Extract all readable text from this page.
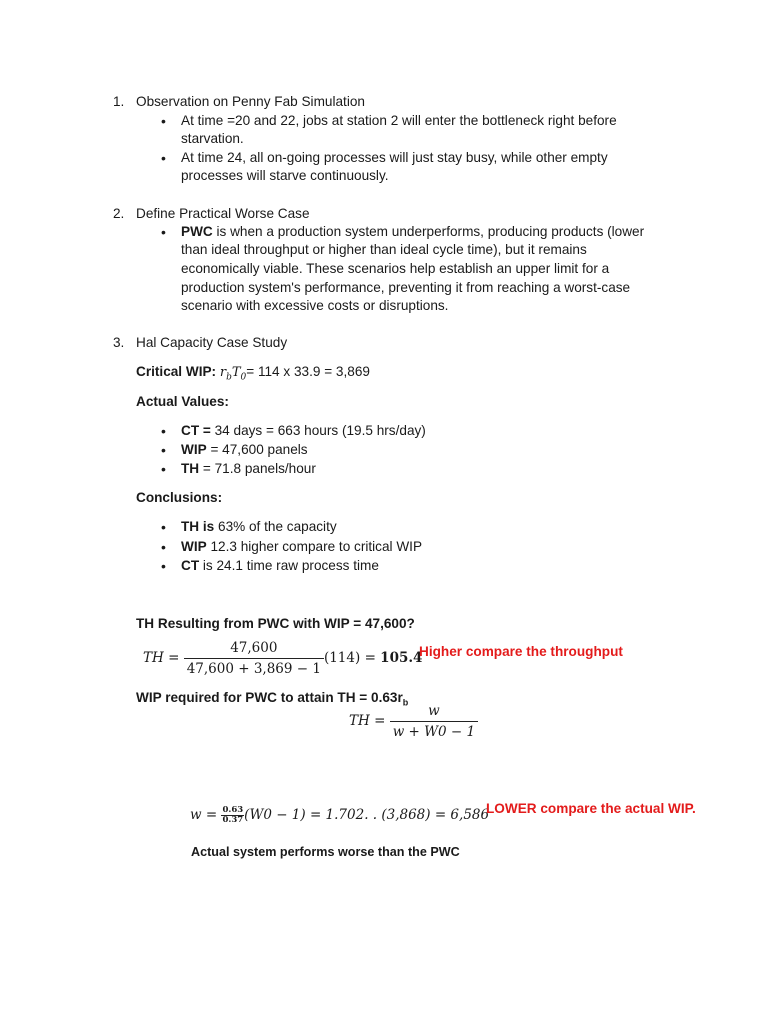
1. Observation on Penny Fab Simulation
•
At time =20 and 22, jobs at station 2 will enter the bottleneck right before
starvation.
•
At time 24, all on-going processes will just stay busy, while other empty
processes will starve continuously.
2. Define Practical Worse Case
•
PWC is when a production system underperforms, producing products (lower
than ideal throughput or higher than ideal cycle time), but it remains
economically viable. These scenarios help establish an upper limit for a
production system's performance, preventing it from reaching a worst-case
scenario with excessive costs or disruptions.
3. Hal Capacity Case Study
Critical WIP: $r_bT_0= 114$ x 33.9 = 3,869
Actual Values:
•
CT = 34 days = 663 hours (19.5 hrs/day)
•
WIP = 47,600 panels
•
TH = 71.8 panels/hour
Conclusions:
•
TH is 63% of the capacity
•
WIP 12.3 higher compare to critical WIP
•
CT is 24.1 time raw process time
TH Resulting from PWC with WIP = 47,600?
TH = $\frac{47,600}{47,600 + 3,869 - 1} (114) = 105.4$
Higher compare the throughput
WIP required for PWC to attain TH = $0.63r_b$
TH = $\frac{w}{w + W0 - 1}$
$w = \frac{0.63}{0.37} (W0 - 1) = 1.702$. . (3,868) = 6,586
LOWER compare the actual WIP.
Actual system performs worse than the PWC
